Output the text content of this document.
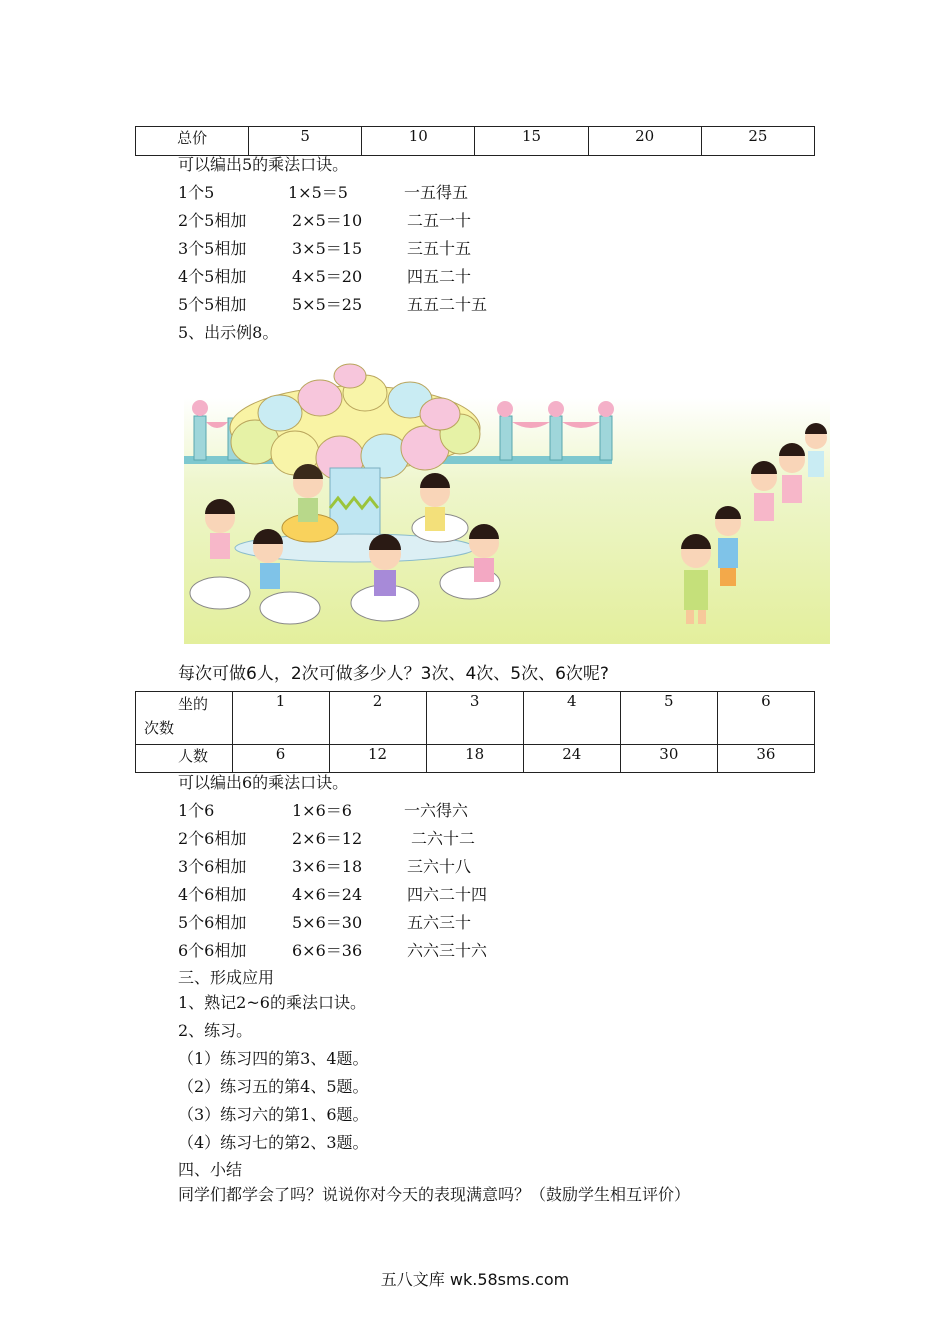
总价	5	10	15	20	25
可以编出5的乘法口诀。
1个5	1×5＝5	一五得五
2个5相加	2×5＝10	二五一十
3个5相加	3×5＝15	三五十五
4个5相加	4×5＝20	四五二十
5个5相加	5×5＝25	五五二十五
5、出示例8。
每次可做6人，2次可做多少人？3次、4次、5次、6次呢?
坐的
次数	1	2	3	4	5	6
人数	6	12	18	24	30	36
可以编出6的乘法口诀。
1个6	1×6＝6	一六得六
2个6相加	2×6＝12	二六十二
3个6相加	3×6＝18	三六十八
4个6相加	4×6＝24	四六二十四
5个6相加	5×6＝30	五六三十
6个6相加	6×6＝36	六六三十六
三、形成应用
1、熟记2~6的乘法口诀。
2、练习。
（1）练习四的第3、4题。
（2）练习五的第4、5题。
（3）练习六的第1、6题。
（4）练习七的第2、3题。
四、小结
同学们都学会了吗？说说你对今天的表现满意吗？（鼓励学生相互评价）
五八文库 wk.58sms.com
